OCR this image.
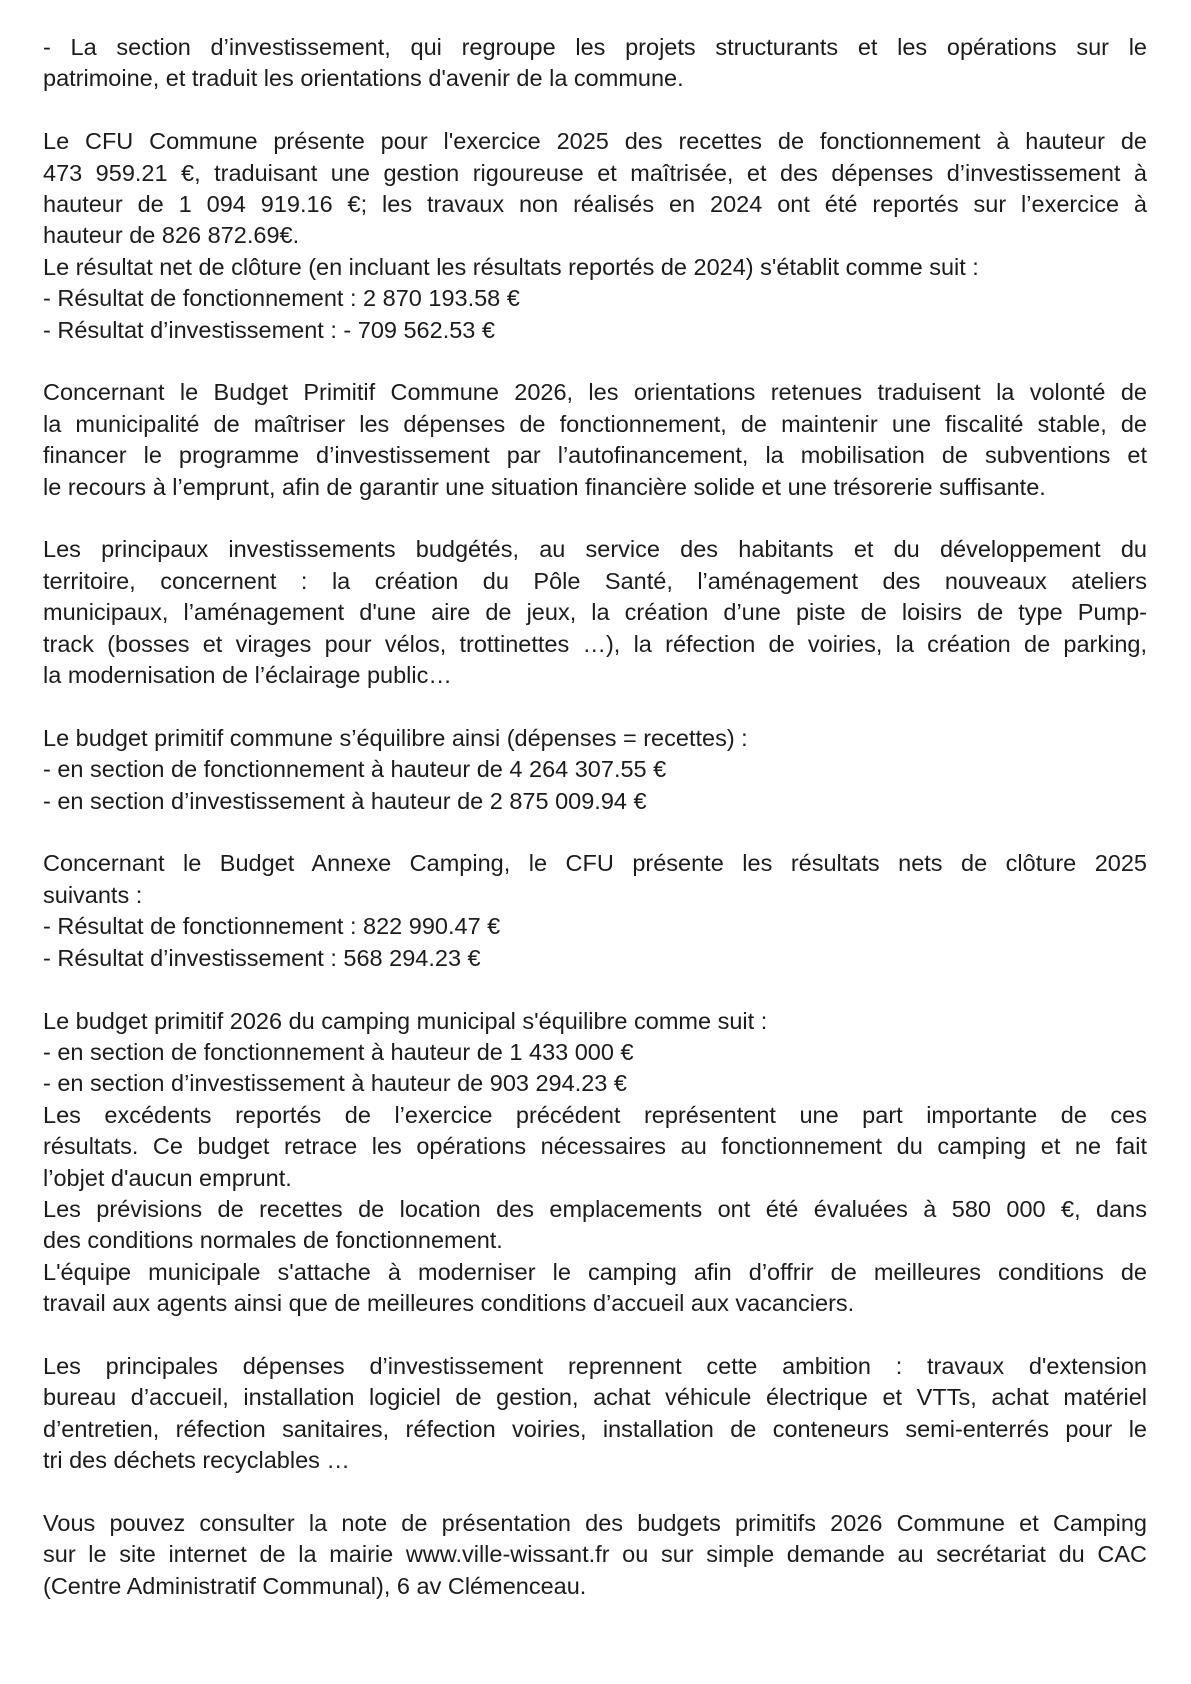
- La section d’investissement, qui regroupe les projets structurants et les opérations sur le
patrimoine, et traduit les orientations d'avenir de la commune.
Le CFU Commune présente pour l'exercice 2025 des recettes de fonctionnement à hauteur de
473 959.21 €, traduisant une gestion rigoureuse et maîtrisée, et des dépenses d’investissement à
hauteur de 1 094 919.16 €; les travaux non réalisés en 2024 ont été reportés sur l’exercice à
hauteur de 826 872.69€.
Le résultat net de clôture (en incluant les résultats reportés de 2024) s'établit comme suit :
- Résultat de fonctionnement : 2 870 193.58 €
- Résultat d’investissement : - 709 562.53 €
Concernant le Budget Primitif Commune 2026, les orientations retenues traduisent la volonté de
la municipalité de maîtriser les dépenses de fonctionnement, de maintenir une fiscalité stable, de
financer le programme d’investissement par l’autofinancement, la mobilisation de subventions et
le recours à l’emprunt, afin de garantir une situation financière solide et une trésorerie suffisante.
Les principaux investissements budgétés, au service des habitants et du développement du
territoire, concernent : la création du Pôle Santé, l’aménagement des nouveaux ateliers
municipaux, l’aménagement d'une aire de jeux, la création d’une piste de loisirs de type Pump-
track (bosses et virages pour vélos, trottinettes …), la réfection de voiries, la création de parking,
la modernisation de l’éclairage public…
Le budget primitif commune s’équilibre ainsi (dépenses = recettes) :
- en section de fonctionnement à hauteur de 4 264 307.55 €
- en section d’investissement à hauteur de 2 875 009.94 €
Concernant le Budget Annexe Camping, le CFU présente les résultats nets de clôture 2025
suivants :
- Résultat de fonctionnement : 822 990.47 €
- Résultat d’investissement : 568 294.23 €
Le budget primitif 2026 du camping municipal s'équilibre comme suit :
- en section de fonctionnement à hauteur de 1 433 000 €
- en section d’investissement à hauteur de 903 294.23 €
Les excédents reportés de l’exercice précédent représentent une part importante de ces
résultats. Ce budget retrace les opérations nécessaires au fonctionnement du camping et ne fait
l’objet d'aucun emprunt.
Les prévisions de recettes de location des emplacements ont été évaluées à 580 000 €, dans
des conditions normales de fonctionnement.
L'équipe municipale s'attache à moderniser le camping afin d’offrir de meilleures conditions de
travail aux agents ainsi que de meilleures conditions d’accueil aux vacanciers.
Les principales dépenses d’investissement reprennent cette ambition : travaux d'extension
bureau d’accueil, installation logiciel de gestion, achat véhicule électrique et VTTs, achat matériel
d’entretien, réfection sanitaires, réfection voiries, installation de conteneurs semi-enterrés pour le
tri des déchets recyclables …
Vous pouvez consulter la note de présentation des budgets primitifs 2026 Commune et Camping
sur le site internet de la mairie www.ville-wissant.fr ou sur simple demande au secrétariat du CAC
(Centre Administratif Communal), 6 av Clémenceau.
